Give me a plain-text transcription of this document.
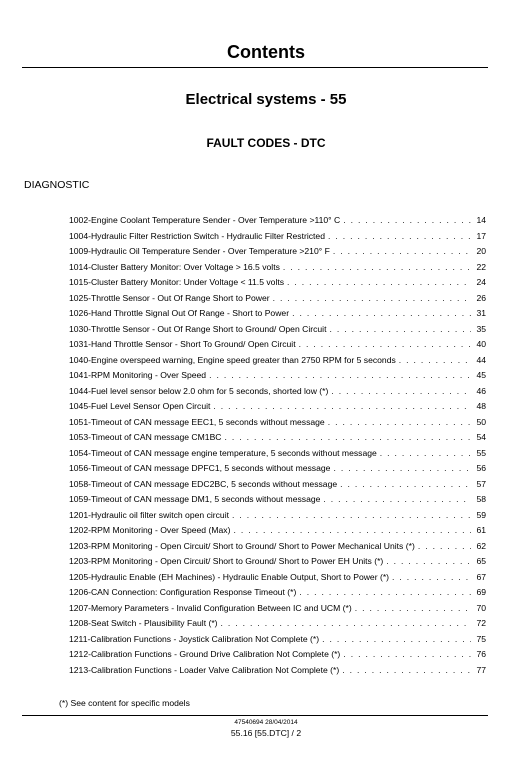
Contents
Electrical systems - 55
FAULT CODES - DTC
DIAGNOSTIC
1002-Engine Coolant Temperature Sender - Over Temperature >110° C . . .	14
1004-Hydraulic Filter Restriction Switch - Hydraulic Filter Restricted . . .	17
1009-Hydraulic Oil Temperature Sender - Over Temperature >210° F . . .	20
1014-Cluster Battery Monitor: Over Voltage > 16.5 volts . . .	22
1015-Cluster Battery Monitor: Under Voltage < 11.5 volts . . .	24
1025-Throttle Sensor - Out Of Range Short to Power . . .	26
1026-Hand Throttle Signal Out Of Range - Short to Power . . .	31
1030-Throttle Sensor - Out Of Range Short to Ground/ Open Circuit . . .	35
1031-Hand Throttle Sensor - Short To Ground/ Open Circuit . . .	40
1040-Engine overspeed warning, Engine speed greater than 2750 RPM for 5 seconds . . .	44
1041-RPM Monitoring - Over Speed . . .	45
1044-Fuel level sensor below 2.0 ohm for 5 seconds, shorted low (*) . . .	46
1045-Fuel Level Sensor Open Circuit . . .	48
1051-Timeout of CAN message EEC1, 5 seconds without message . . .	50
1053-Timeout of CAN message CM1BC . . .	54
1054-Timeout of CAN message engine temperature, 5 seconds without message . . .	55
1056-Timeout of CAN message DPFC1, 5 seconds without message . . .	56
1058-Timeout of CAN message EDC2BC, 5 seconds without message . . .	57
1059-Timeout of CAN message DM1, 5 seconds without message . . .	58
1201-Hydraulic oil filter switch open circuit . . .	59
1202-RPM Monitoring - Over Speed (Max) . . .	61
1203-RPM Monitoring - Open Circuit/ Short to Ground/ Short to Power Mechanical Units (*) . . .	62
1203-RPM Monitoring - Open Circuit/ Short to Ground/ Short to Power EH Units (*) . . .	65
1205-Hydraulic Enable (EH Machines) - Hydraulic Enable Output, Short to Power (*) . . .	67
1206-CAN Connection: Configuration Response Timeout (*) . . .	69
1207-Memory Parameters - Invalid Configuration Between IC and UCM (*) . . .	70
1208-Seat Switch - Plausibility Fault (*) . . .	72
1211-Calibration Functions - Joystick Calibration Not Complete (*) . . .	75
1212-Calibration Functions - Ground Drive Calibration Not Complete (*) . . .	76
1213-Calibration Functions - Loader Valve Calibration Not Complete (*) . . .	77
(*) See content for specific models
47540694 28/04/2014
55.16 [55.DTC] / 2
